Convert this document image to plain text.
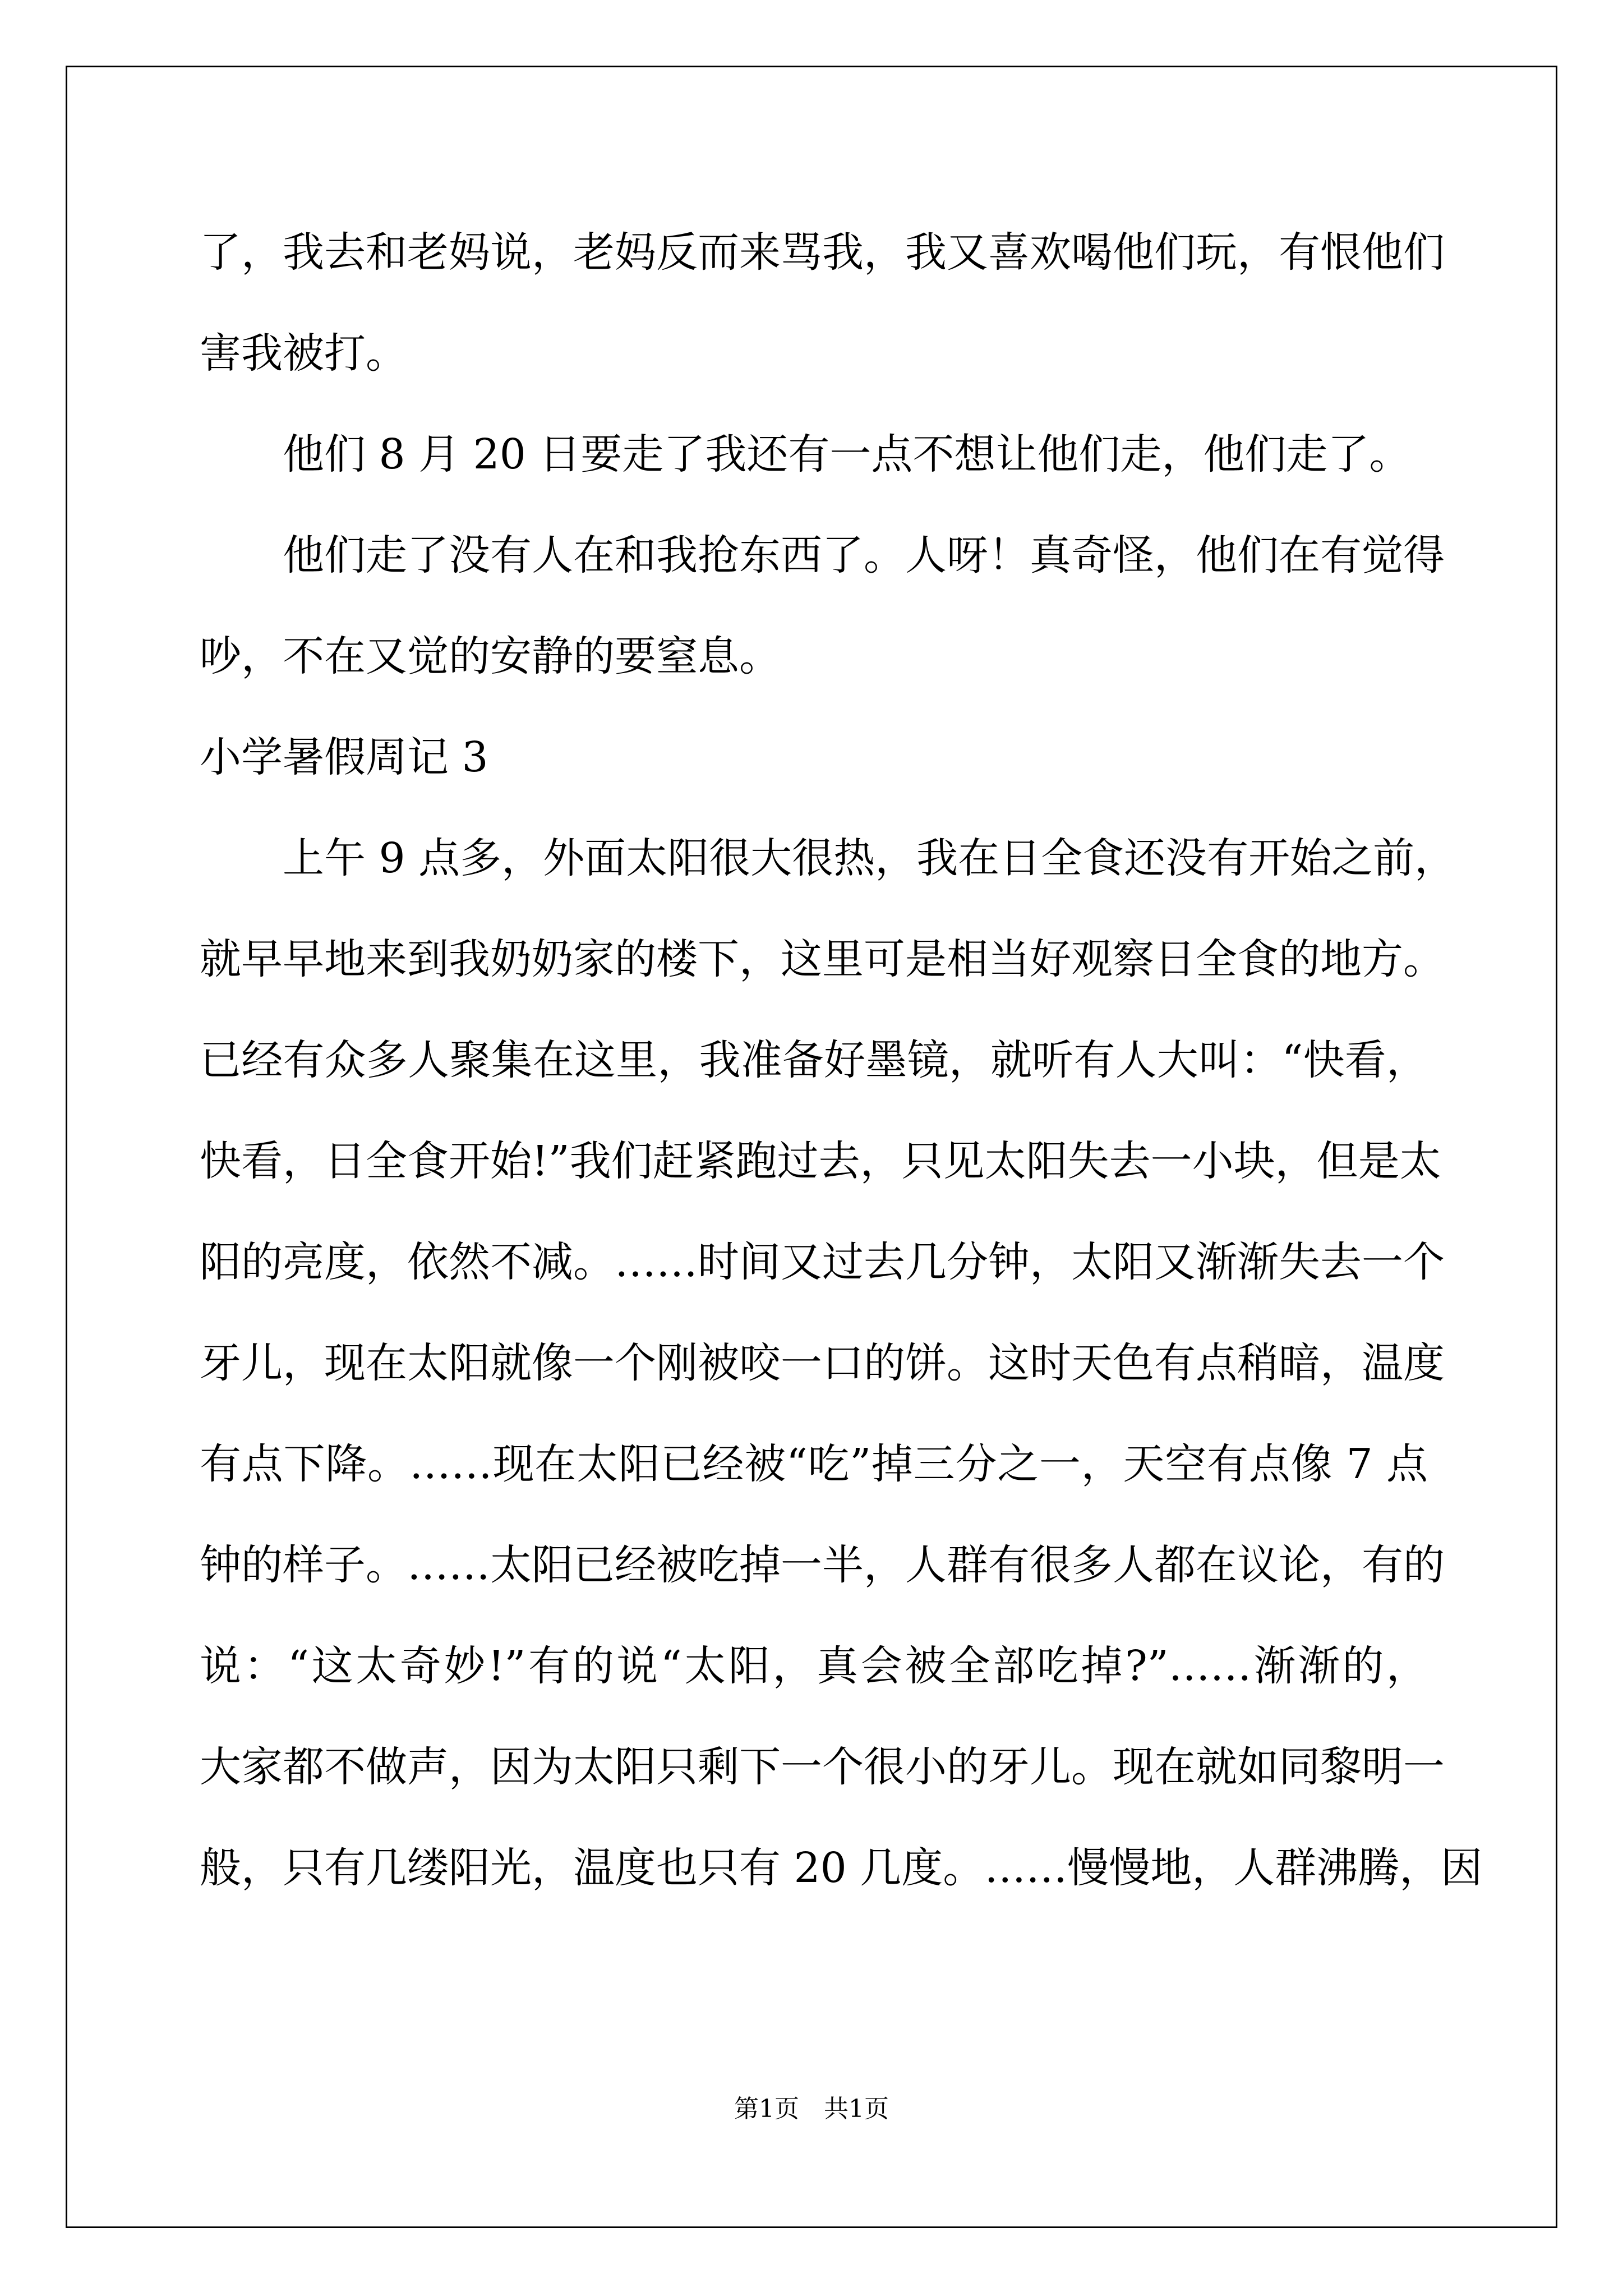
了，我去和老妈说，老妈反而来骂我，我又喜欢喝他们玩，有恨他们
害我被打。
他们 8 月 20 日要走了我还有一点不想让他们走，他们走了。
他们走了没有人在和我抢东西了。人呀！真奇怪，他们在有觉得
吵，不在又觉的安静的要窒息。
小学暑假周记 3
上午 9 点多，外面太阳很大很热，我在日全食还没有开始之前，
就早早地来到我奶奶家的楼下，这里可是相当好观察日全食的地方。
已经有众多人聚集在这里，我准备好墨镜，就听有人大叫：“快看，
快看，日全食开始!”我们赶紧跑过去，只见太阳失去一小块，但是太
阳的亮度，依然不减。……时间又过去几分钟，太阳又渐渐失去一个
牙儿，现在太阳就像一个刚被咬一口的饼。这时天色有点稍暗，温度
有点下降。……现在太阳已经被“吃”掉三分之一，天空有点像 7 点
钟的样子。……太阳已经被吃掉一半，人群有很多人都在议论，有的
说：“这太奇妙!”有的说“太阳，真会被全部吃掉?”……渐渐的，
大家都不做声，因为太阳只剩下一个很小的牙儿。现在就如同黎明一
般，只有几缕阳光，温度也只有 20 几度。……慢慢地，人群沸腾，因
第1页　共1页
